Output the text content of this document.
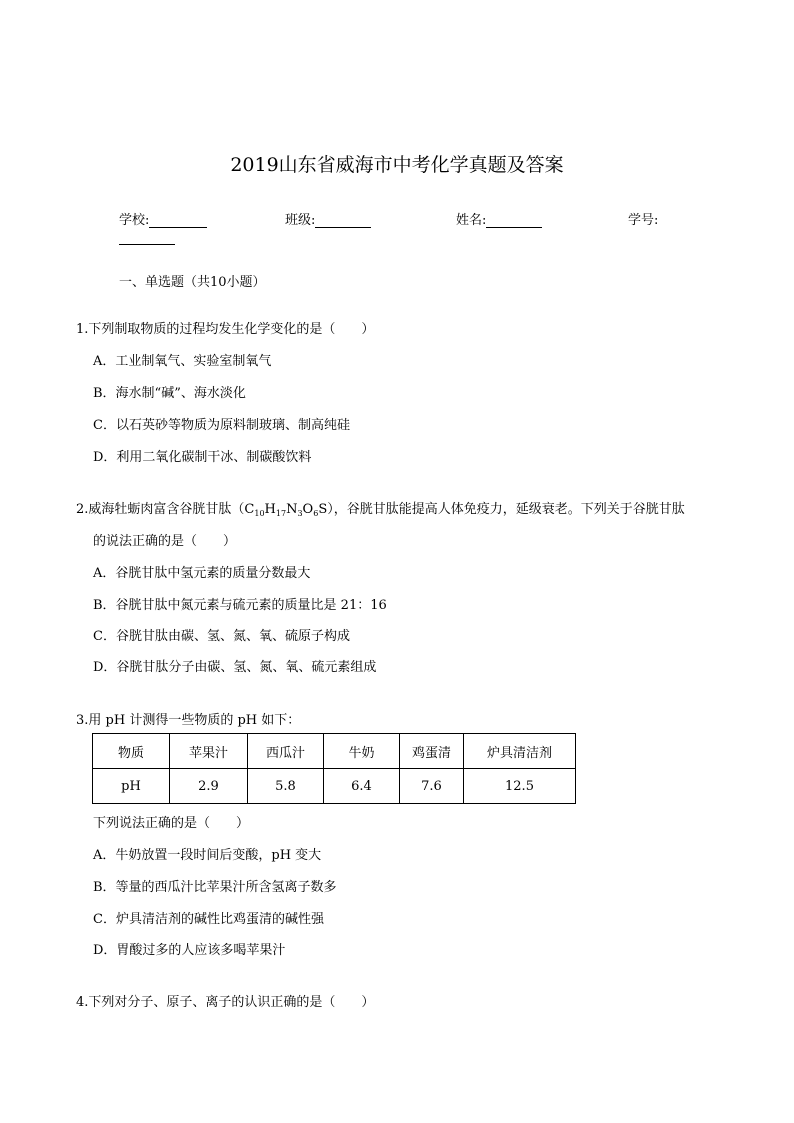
2019山东省威海市中考化学真题及答案
学校:	班级:	姓名:	学号:
一、单选题（共10小题）
1.下列制取物质的过程均发生化学变化的是（　　）
A．工业制氧气、实验室制氧气
B．海水制“碱”、海水淡化
C．以石英砂等物质为原料制玻璃、制高纯硅
D．利用二氧化碳制干冰、制碳酸饮料
2.威海牡蛎肉富含谷胱甘肽$(C_{10}H_{17}N_3O_6S)$，谷胱甘肽能提高人体免疫力，延级衰老。下列关于谷胱甘肽
的说法正确的是（　　）
A．谷胱甘肽中氢元素的质量分数最大
B．谷胱甘肽中氮元素与硫元素的质量比是 21：16
C．谷胱甘肽由碳、氢、氮、氧、硫原子构成
D．谷胱甘肽分子由碳、氢、氮、氧、硫元素组成
3.用 pH 计测得一些物质的 pH 如下：
物质	苹果汁	西瓜汁	牛奶	鸡蛋清	炉具清洁剂
pH	2.9	5.8	6.4	7.6	12.5
下列说法正确的是（　　）
A．牛奶放置一段时间后变酸，pH 变大
B．等量的西瓜汁比苹果汁所含氢离子数多
C．炉具清洁剂的碱性比鸡蛋清的碱性强
D．胃酸过多的人应该多喝苹果汁
4.下列对分子、原子、离子的认识正确的是（　　）
